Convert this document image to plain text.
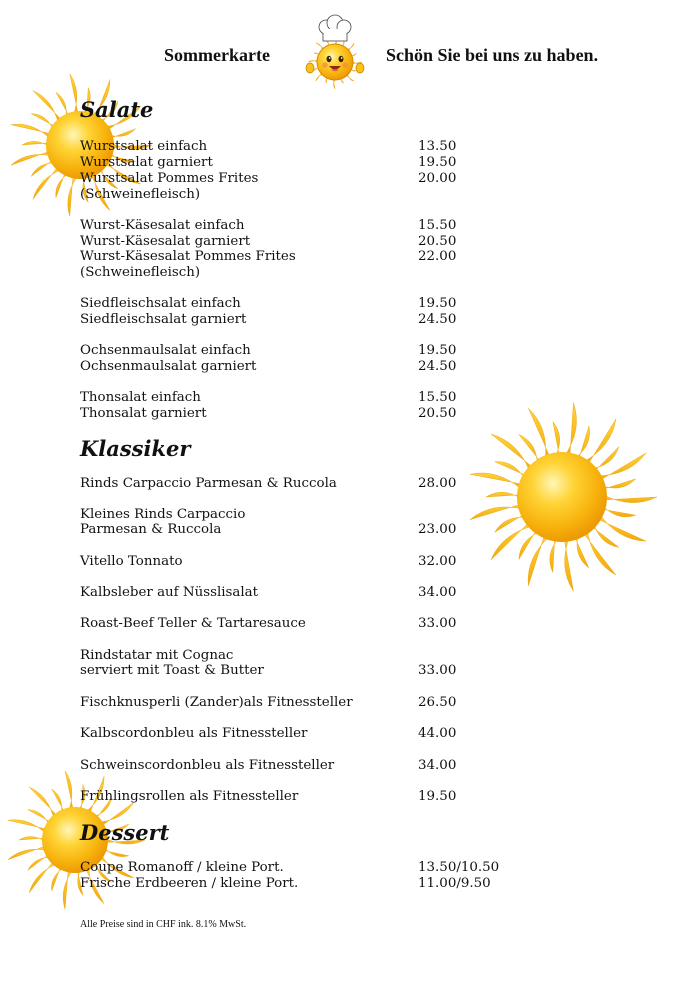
Sommerkarte	Schön Sie bei uns zu haben.
Salate
Wurstsalat einfach	13.50
Wurstsalat garniert	19.50
Wurstsalat Pommes Frites	20.00
(Schweinefleisch)
Wurst-Käsesalat einfach	15.50
Wurst-Käsesalat garniert	20.50
Wurst-Käsesalat Pommes Frites	22.00
(Schweinefleisch)
Siedfleischsalat einfach	19.50
Siedfleischsalat garniert	24.50
Ochsenmaulsalat einfach	19.50
Ochsenmaulsalat garniert	24.50
Thonsalat einfach	15.50
Thonsalat garniert	20.50
Klassiker
Rinds Carpaccio Parmesan & Ruccola	28.00
Kleines Rinds Carpaccio
Parmesan & Ruccola	23.00
Vitello Tonnato	32.00
Kalbsleber auf Nüsslisalat	34.00
Roast-Beef Teller & Tartaresauce	33.00
Rindstatar mit Cognac
serviert mit Toast & Butter	33.00
Fischknusperli (Zander)als Fitnessteller	26.50
Kalbscordonbleu als Fitnessteller	44.00
Schweinscordonbleu als Fitnessteller	34.00
Frühlingsrollen als Fitnessteller	19.50
Dessert
Coupe Romanoff / kleine Port.	13.50/10.50
Frische Erdbeeren / kleine Port.	11.00/9.50
Alle Preise sind in CHF ink. 8.1% MwSt.
